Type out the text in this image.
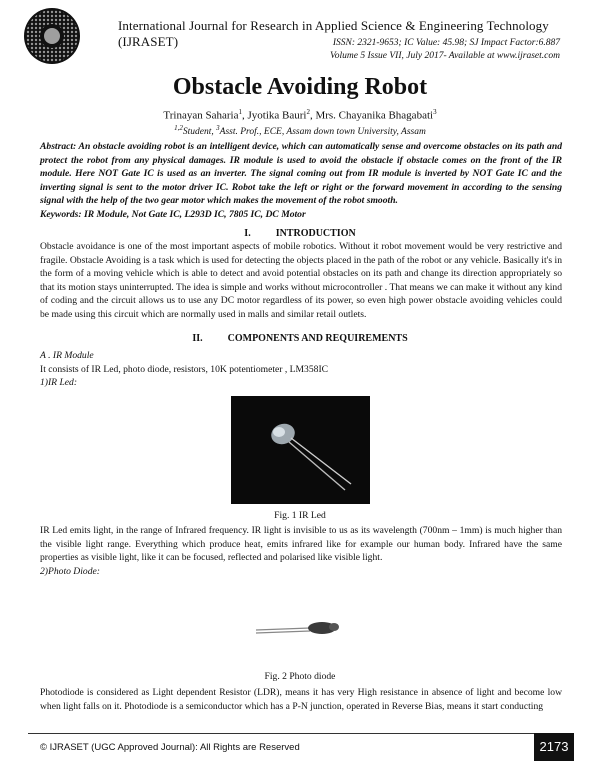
International Journal for Research in Applied Science & Engineering Technology (IJRASET)	ISSN: 2321-9653; IC Value: 45.98; SJ Impact Factor:6.887
Volume 5 Issue VII, July 2017- Available at www.ijraset.com
Obstacle Avoiding Robot
Trinayan Saharia$^1$, Jyotika Bauri$^2$, Mrs. Chayanika Bhagabati$^3$
$^{1,2}$Student, $^3$Asst. Prof., ECE, Assam down town University, Assam

Abstract: An obstacle avoiding robot is an intelligent device, which can automatically sense and overcome obstacles on its path and protect the robot from any physical damages. IR module is used to avoid the obstacle if obstacle comes on the front of the IR module. Here NOT Gate IC is used as an inverter. The signal coming out from IR module is inverted by NOT Gate IC and the inverting signal is sent to the motor driver IC. Robot take the left or right or the forward movement in according to the sensing signal with the help of the two gear motor which makes the movement of the robot smooth.

Keywords: IR Module, Not Gate IC, L293D IC, 7805 IC, DC Motor

I.          INTRODUCTION

Obstacle avoidance is one of the most important aspects of mobile robotics. Without it robot movement would be very restrictive and fragile. Obstacle Avoiding is a task which is used for detecting the objects placed in the path of the robot or any vehicle. Basically it's in the form of a moving vehicle which is able to detect and avoid potential obstacles on its path and change its direction appropriately so that its motion stays uninterrupted. The idea is simple and works without microcontroller . That means we can make it without any kind of coding and the circuit allows us to use any DC motor regardless of its power, so even high power obstacle avoiding vehicles could be made using this circuit which are normally used in malls and similar retail outlets.

II.          COMPONENTS AND REQUIREMENTS

A . IR Module

It consists of IR Led, photo diode, resistors, 10K potentiometer , LM358IC

1)IR Led:

Fig. 1 IR Led

IR Led emits light, in the range of Infrared frequency. IR light is invisible to us as its wavelength (700nm – 1mm) is much higher than the visible light range. Everything which produce heat, emits infrared like for example our human body. Infrared have the same properties as visible light, like it can be focused, reflected and polarised like visible light.

2)Photo Diode:

Fig. 2 Photo diode

Photodiode is considered as Light dependent Resistor (LDR), means it has very High resistance in absence of light and become low when light falls on it. Photodiode is a semiconductor which has a P-N junction, operated in Reverse Bias, means it start conducting

© IJRASET (UGC Approved Journal): All Rights are Reserved	2173
